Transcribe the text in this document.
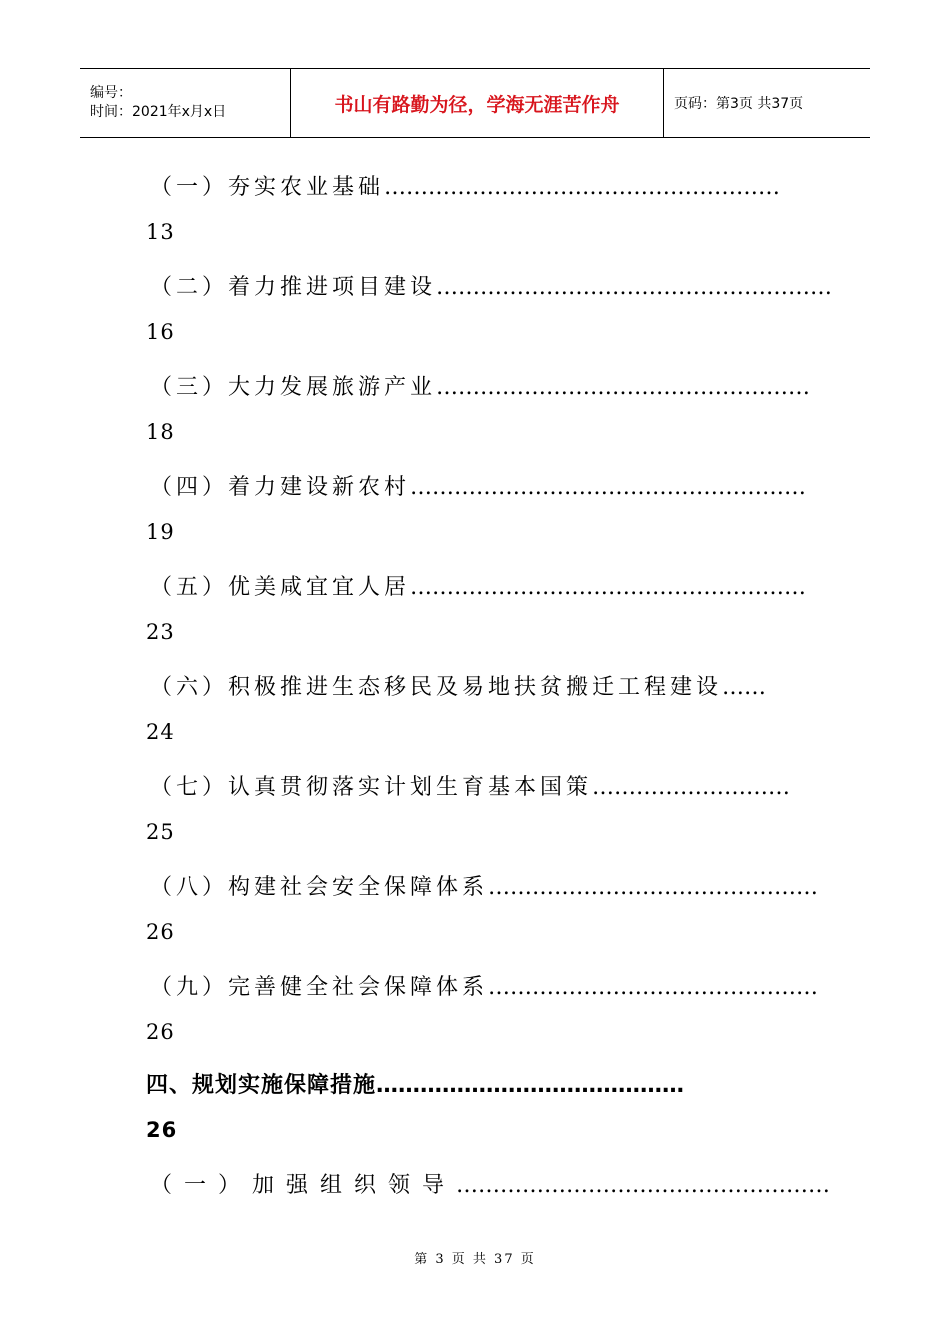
编号：
时间：2021年x月x日	书山有路勤为径，学海无涯苦作舟	页码：第3页 共37页
（一）夯实农业基础………………………………………………
13
（二）着力推进项目建设………………………………………………
16
（三）大力发展旅游产业……………………………………………
18
（四）着力建设新农村………………………………………………
19
（五）优美咸宜宜人居………………………………………………
23
（六）积极推进生态移民及易地扶贫搬迁工程建设……
24
（七）认真贯彻落实计划生育基本国策………………………
25
（八）构建社会安全保障体系………………………………………
26
（九）完善健全社会保障体系………………………………………
26
四、规划实施保障措施……………………………………
26
（一）加强组织领导……………………………………………
第 3 页 共 37 页
